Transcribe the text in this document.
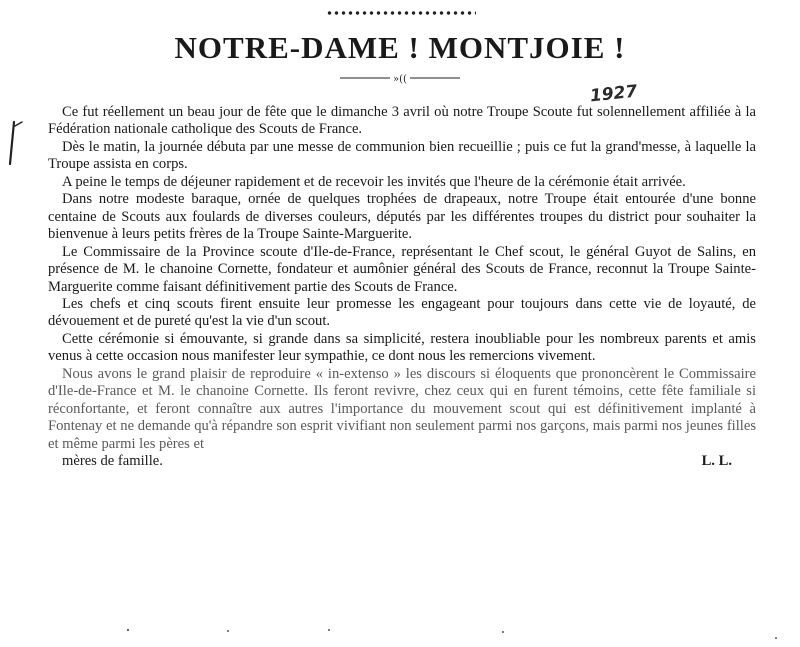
NOTRE-DAME ! MONTJOIE !
»((
1927

Ce fut réellement un beau jour de fête que le dimanche 3 avril où notre Troupe Scoute fut solennellement affiliée à la Fédération nationale catholique des Scouts de France.

Dès le matin, la journée débuta par une messe de communion bien recueillie ; puis ce fut la grand'messe, à laquelle la Troupe assista en corps.

A peine le temps de déjeuner rapidement et de recevoir les invités que l'heure de la cérémonie était arrivée.

Dans notre modeste baraque, ornée de quelques trophées de drapeaux, notre Troupe était entourée d'une bonne centaine de Scouts aux foulards de diverses couleurs, députés par les différentes troupes du district pour souhaiter la bienvenue à leurs petits frères de la Troupe Sainte-Marguerite.

Le Commissaire de la Province scoute d'Ile-de-France, représentant le Chef scout, le général Guyot de Salins, en présence de M. le chanoine Cornette, fondateur et aumônier général des Scouts de France, reconnut la Troupe Sainte-Marguerite comme faisant définitivement partie des Scouts de France.

Les chefs et cinq scouts firent ensuite leur promesse les engageant pour toujours dans cette vie de loyauté, de dévouement et de pureté qu'est la vie d'un scout.

Cette cérémonie si émouvante, si grande dans sa simplicité, restera inoubliable pour les nombreux parents et amis venus à cette occasion nous manifester leur sympathie, ce dont nous les remercions vivement.

Nous avons le grand plaisir de reproduire « in-extenso » les discours si éloquents que prononcèrent le Commissaire d'Ile-de-France et M. le chanoine Cornette. Ils feront revivre, chez ceux qui en furent témoins, cette fête familiale si réconfortante, et feront connaître aux autres l'importance du mouvement scout qui est définitivement implanté à Fontenay et ne demande qu'à répandre son esprit vivifiant non seulement parmi nos garçons, mais parmi nos jeunes filles et même parmi les pères et

mères de famille.	L. L.
